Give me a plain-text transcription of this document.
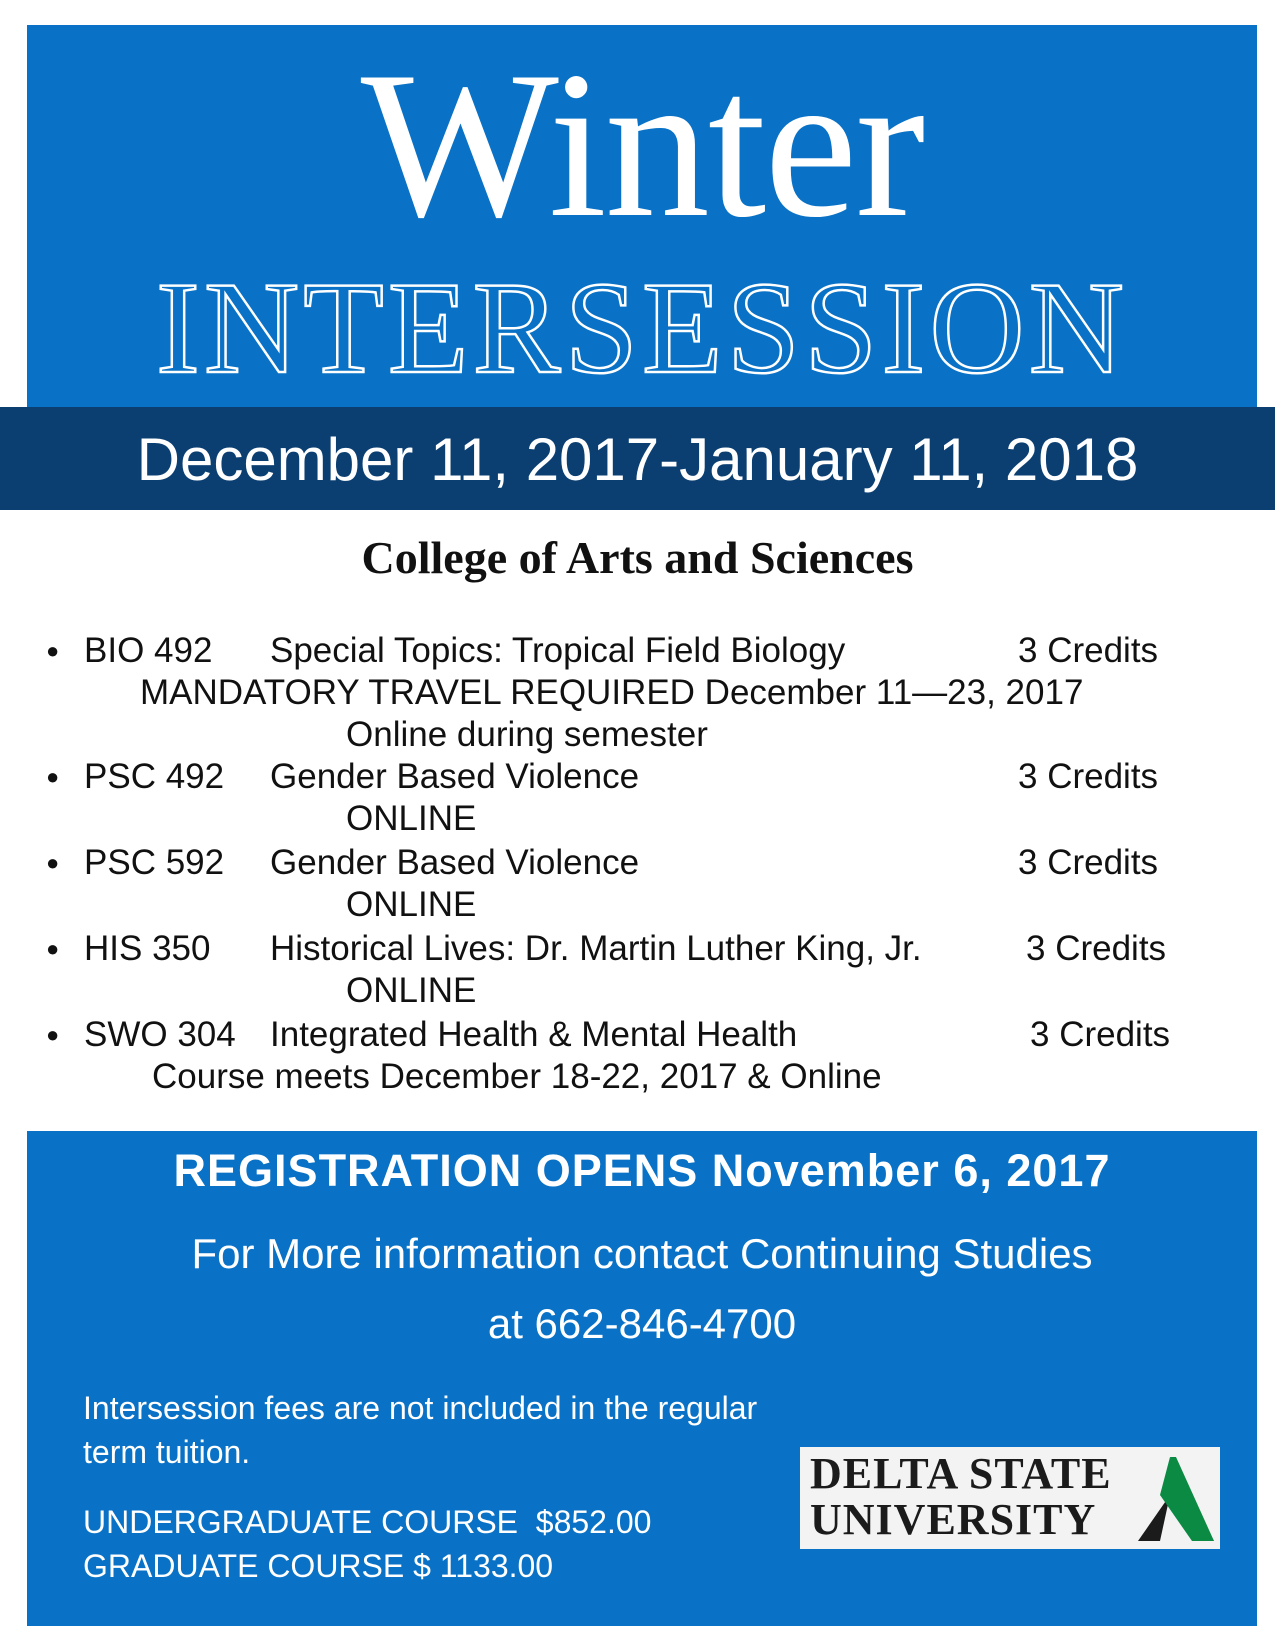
Winter
INTERSESSION
December 11, 2017-January 11, 2018
College of Arts and Sciences
● BIO 492 Special Topics: Tropical Field Biology	3 Credits
MANDATORY TRAVEL REQUIRED December 11—23, 2017
Online during semester
● PSC 492 Gender Based Violence	3 Credits
ONLINE
● PSC 592 Gender Based Violence	3 Credits
ONLINE
● HIS 350 Historical Lives: Dr. Martin Luther King, Jr.	3 Credits
ONLINE
● SWO 304 Integrated Health & Mental Health	3 Credits
Course meets December 18-22, 2017 & Online
REGISTRATION OPENS November 6, 2017
For More information contact Continuing Studies
at 662-846-4700
Intersession fees are not included in the regular term tuition.
UNDERGRADUATE COURSE  $852.00
GRADUATE COURSE $ 1133.00
DELTA STATE
UNIVERSITY
